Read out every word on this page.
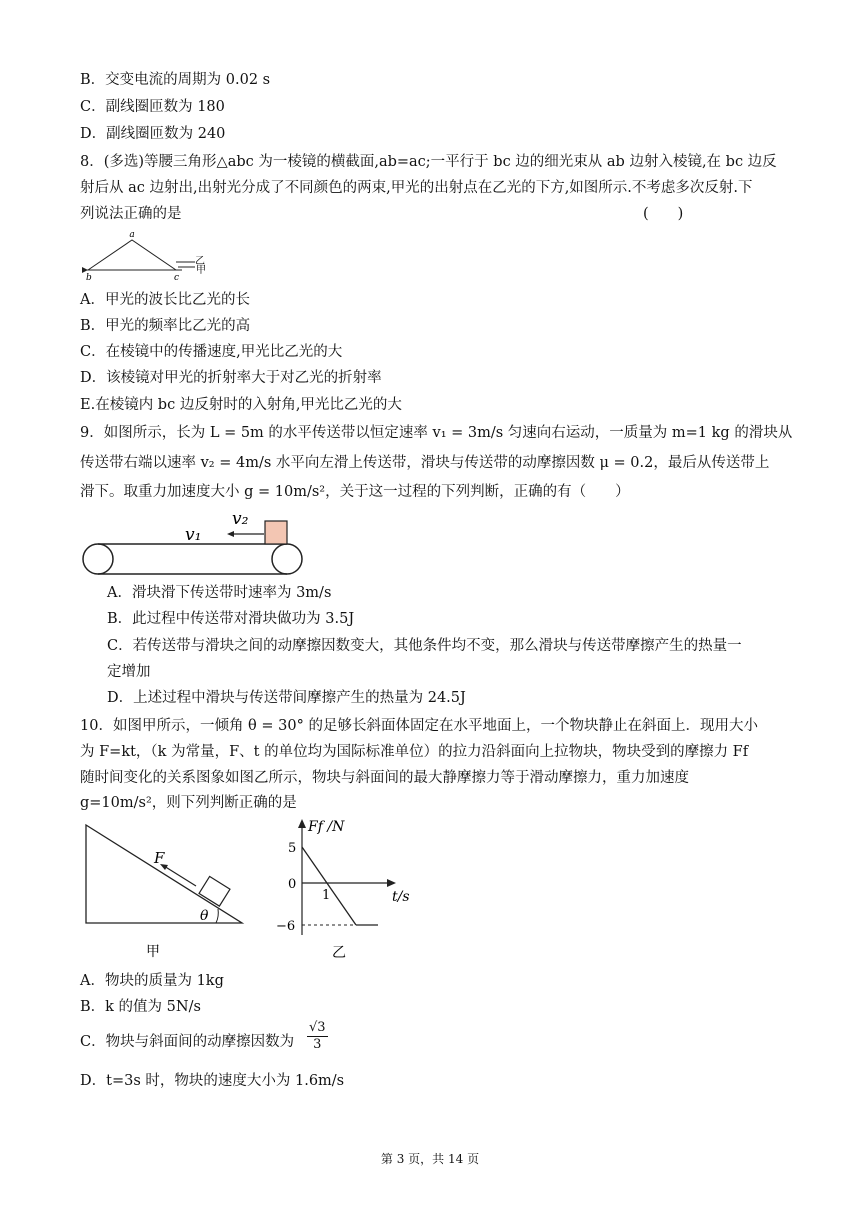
B．交变电流的周期为 0.02 s
C．副线圈匝数为 180
D．副线圈匝数为 240
8．(多选)等腰三角形△abc 为一棱镜的横截面,ab=ac;一平行于 bc 边的细光束从 ab 边射入棱镜,在 bc 边反
射后从 ac 边射出,出射光分成了不同颜色的两束,甲光的出射点在乙光的下方,如图所示.不考虑多次反射.下
列说法正确的是	(　　)
a
b	c
乙
甲
A．甲光的波长比乙光的长
B．甲光的频率比乙光的高
C．在棱镜中的传播速度,甲光比乙光的大
D．该棱镜对甲光的折射率大于对乙光的折射率
E.在棱镜内 bc 边反射时的入射角,甲光比乙光的大
9．如图所示，长为 L = 5m 的水平传送带以恒定速率 v₁ = 3m/s 匀速向右运动，一质量为 m=1 kg 的滑块从
传送带右端以速率 v₂ = 4m/s 水平向左滑上传送带，滑块与传送带的动摩擦因数 μ = 0.2，最后从传送带上
滑下。取重力加速度大小 g = 10m/s²，关于这一过程的下列判断，正确的有（　　）
v₂
v₁
A．滑块滑下传送带时速率为 3m/s
B．此过程中传送带对滑块做功为 3.5J
C．若传送带与滑块之间的动摩擦因数变大，其他条件均不变，那么滑块与传送带摩擦产生的热量一
定增加
D．上述过程中滑块与传送带间摩擦产生的热量为 24.5J
10．如图甲所示，一倾角 θ = 30° 的足够长斜面体固定在水平地面上，一个物块静止在斜面上．现用大小
为 F=kt，（k 为常量，F、t 的单位均为国际标准单位）的拉力沿斜面向上拉物块，物块受到的摩擦力 Ff
随时间变化的关系图象如图乙所示，物块与斜面间的最大静摩擦力等于滑动摩擦力，重力加速度
g=10m/s²，则下列判断正确的是
F
θ
甲
Ff /N
t/s
5
0
−6
1
乙
A．物块的质量为 1kg
B．k 的值为 5N/s
C．物块与斜面间的动摩擦因数为 $\frac{√3}{3}$
D．t=3s 时，物块的速度大小为 1.6m/s
第 3 页，共 14 页
